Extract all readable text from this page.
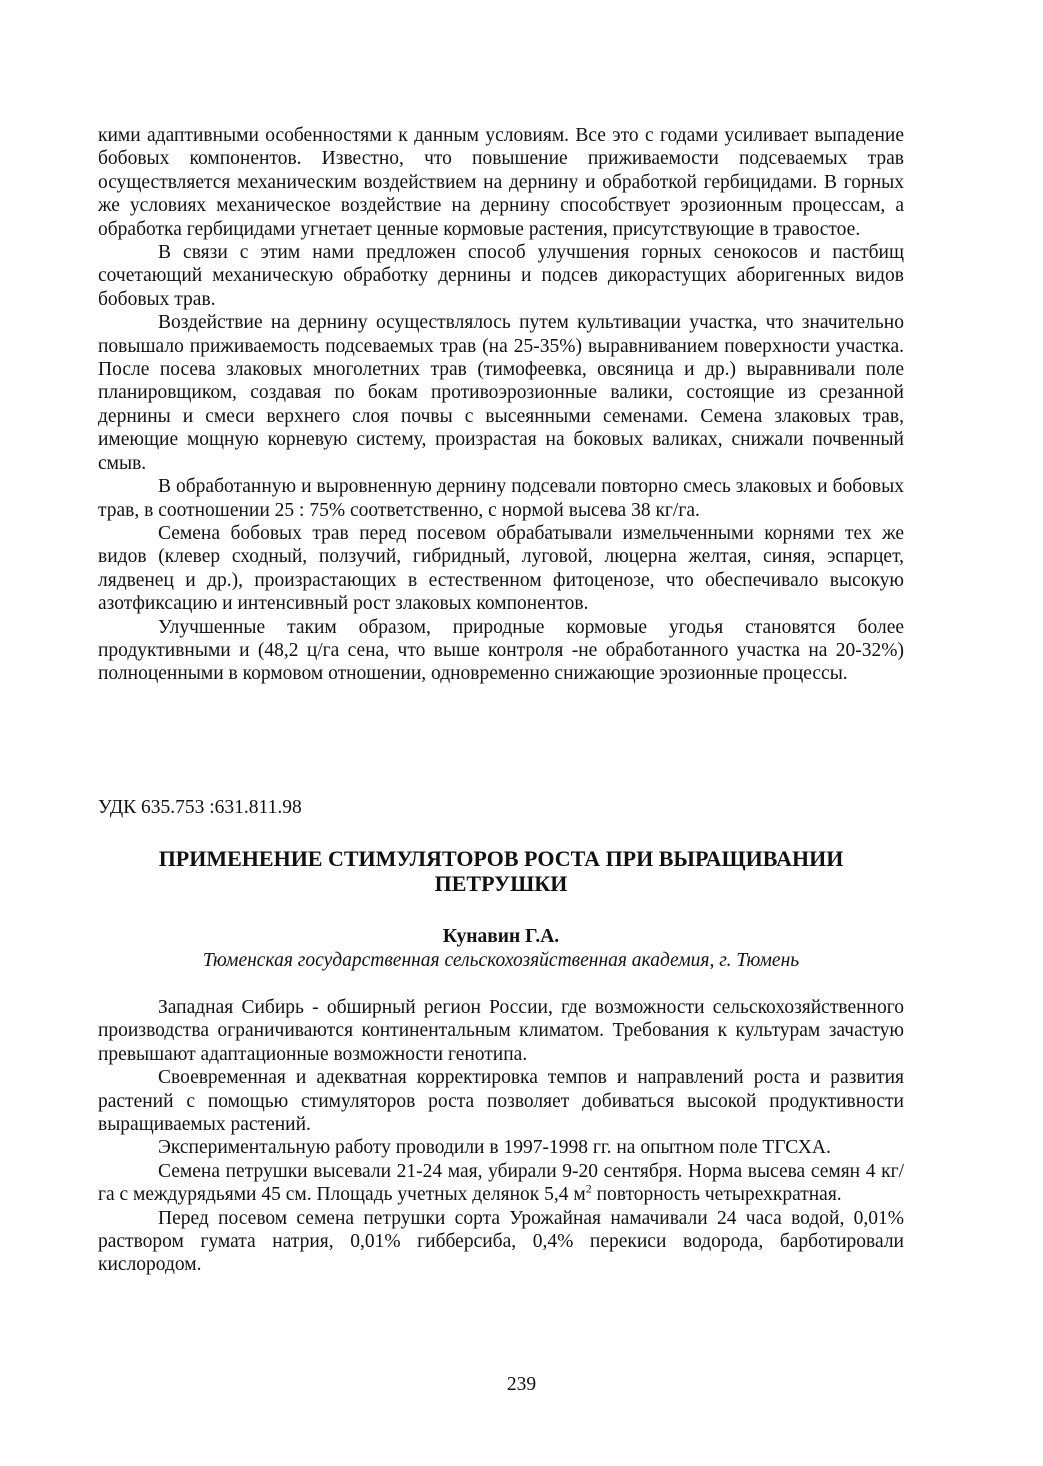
кими адаптивными особенностями к данным условиям. Все это с годами усиливает выпадение бобовых компонентов. Известно, что повышение приживаемости подсеваемых трав осуществляется механическим воздействием на дернину и обработкой гербицидами. В горных же условиях механическое воздействие на дернину способствует эрозионным процессам, а обработка гербицидами угнетает ценные кормовые растения, присутствующие в травостое.

В связи с этим нами предложен способ улучшения горных сенокосов и пастбищ сочетающий механическую обработку дернины и подсев дикорастущих аборигенных видов бобовых трав.

Воздействие на дернину осуществлялось путем культивации участка, что значительно повышало приживаемость подсеваемых трав (на 25-35%) выравниванием поверхности участка. После посева злаковых многолетних трав (тимофеевка, овсяница и др.) выравнивали поле планировщиком, создавая по бокам противоэрозионные валики, состоящие из срезанной дернины и смеси верхнего слоя почвы с высеянными семенами. Семена злаковых трав, имеющие мощную корневую систему, произрастая на боковых валиках, снижали почвенный смыв.

В обработанную и выровненную дернину подсевали повторно смесь злаковых и бобовых трав, в соотношении 25 : 75% соответственно, с нормой высева 38 кг/га.

Семена бобовых трав перед посевом обрабатывали измельченными корнями тех же видов (клевер сходный, ползучий, гибридный, луговой, люцерна желтая, синяя, эспарцет, лядвенец и др.), произрастающих в естественном фитоценозе, что обеспечивало высокую азотфиксацию и интенсивный рост злаковых компонентов.

Улучшенные таким образом, природные кормовые угодья становятся более продуктивными и (48,2 ц/га сена, что выше контроля -не обработанного участка на 20-32%) полноценными в кормовом отношении, одновременно снижающие эрозионные процессы.

УДК 635.753 :631.811.98

ПРИМЕНЕНИЕ СТИМУЛЯТОРОВ РОСТА ПРИ ВЫРАЩИВАНИИ
ПЕТРУШКИ

Кунавин Г.А.

Тюменская государственная сельскохозяйственная академия, г. Тюмень

Западная Сибирь - обширный регион России, где возможности сельскохозяйственного производства ограничиваются континентальным климатом. Требования к культурам зачастую превышают адаптационные возможности генотипа.

Своевременная и адекватная корректировка темпов и направлений роста и развития растений с помощью стимуляторов роста позволяет добиваться высокой продуктивности выращиваемых растений.

Экспериментальную работу проводили в 1997-1998 гг. на опытном поле ТГСХА.

Семена петрушки высевали 21-24 мая, убирали 9-20 сентября. Норма высева семян 4 кг/га с междурядьями 45 см. Площадь учетных делянок 5,4 $м^2$ повторность четырехкратная.

Перед посевом семена петрушки сорта Урожайная намачивали 24 часа водой, 0,01% раствором гумата натрия, 0,01% гибберсиба, 0,4% перекиси водорода, барботировали кислородом.

239
